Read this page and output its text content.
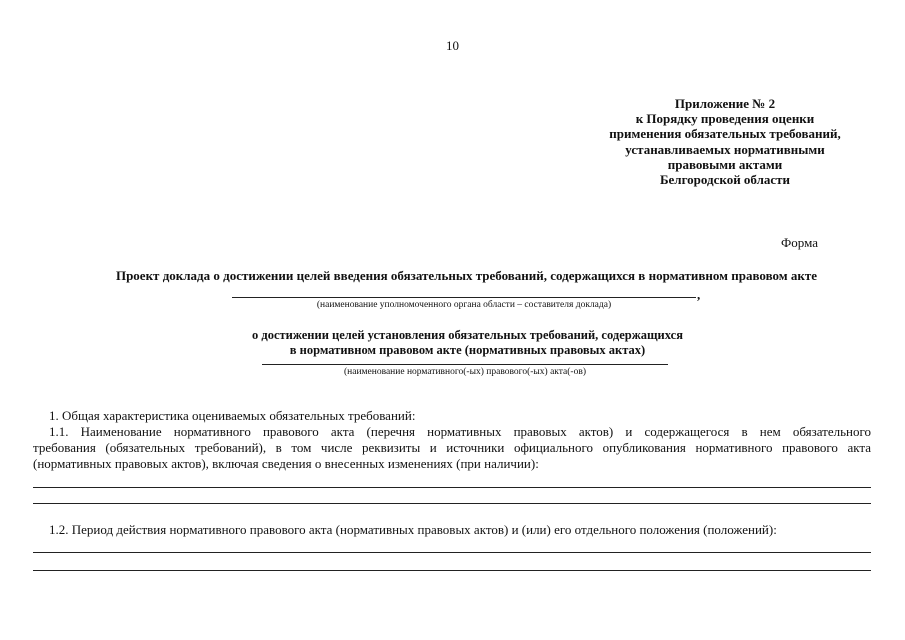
10
Приложение № 2
к Порядку проведения оценки
применения обязательных требований,
устанавливаемых нормативными
правовыми актами
Белгородской области
Форма
Проект доклада о достижении целей введения обязательных требований, содержащихся в нормативном правовом акте
,
(наименование уполномоченного органа области – составителя доклада)
о достижении целей установления обязательных требований, содержащихся
в нормативном правовом акте (нормативных правовых актах)
(наименование нормативного(-ых) правового(-ых) акта(-ов)
1. Общая характеристика оцениваемых обязательных требований:
1.1. Наименование нормативного правового акта (перечня нормативных правовых актов) и содержащегося в нем обязательного
требования (обязательных требований), в том числе реквизиты и источники официального опубликования нормативного правового акта
(нормативных правовых актов), включая сведения о внесенных изменениях (при наличии):
1.2. Период действия нормативного правового акта (нормативных правовых актов) и (или) его отдельного положения (положений):
